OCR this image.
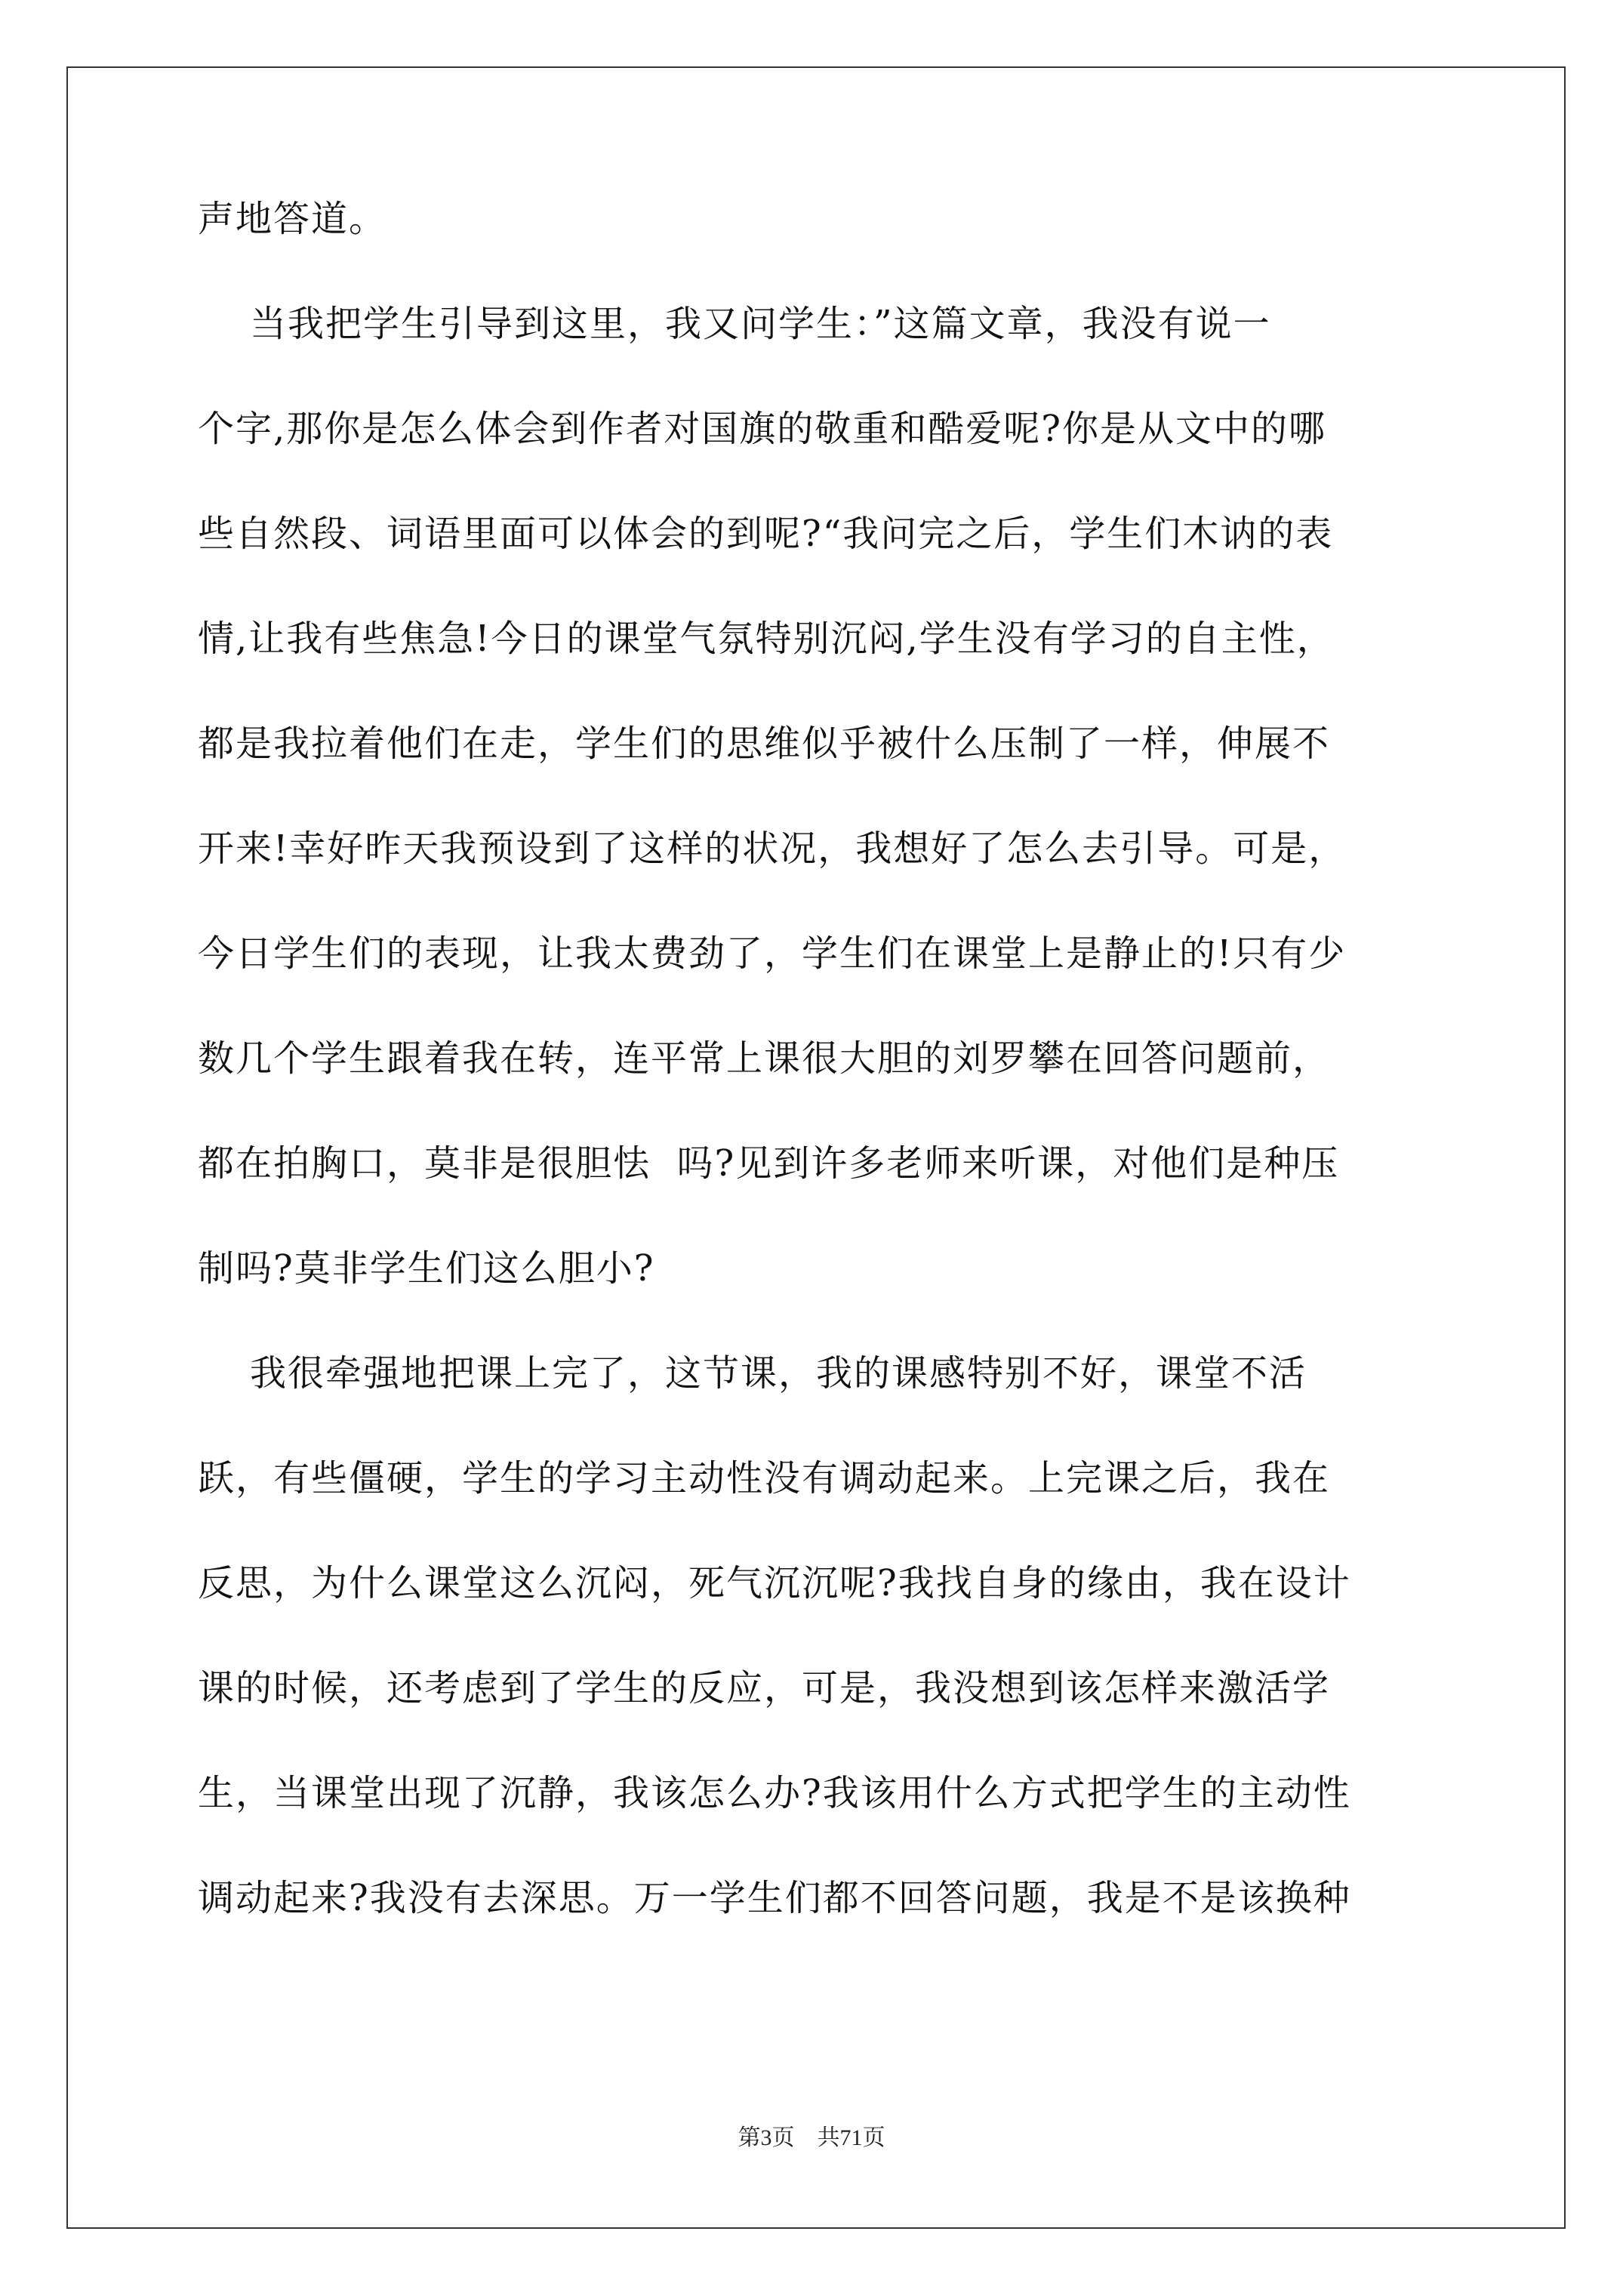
声地答道。
当我把学生引导到这里，我又问学生：”这篇文章，我没有说一
个字,那你是怎么体会到作者对国旗的敬重和酷爱呢?你是从文中的哪
些自然段、词语里面可以体会的到呢?“我问完之后，学生们木讷的表
情,让我有些焦急!今日的课堂气氛特别沉闷,学生没有学习的自主性，
都是我拉着他们在走，学生们的思维似乎被什么压制了一样，伸展不
开来!幸好昨天我预设到了这样的状况，我想好了怎么去引导。可是，
今日学生们的表现，让我太费劲了，学生们在课堂上是静止的!只有少
数几个学生跟着我在转，连平常上课很大胆的刘罗攀在回答问题前，
都在拍胸口，莫非是很胆怯  吗?见到许多老师来听课，对他们是种压
制吗?莫非学生们这么胆小?
我很牵强地把课上完了，这节课，我的课感特别不好，课堂不活
跃，有些僵硬，学生的学习主动性没有调动起来。上完课之后，我在
反思，为什么课堂这么沉闷，死气沉沉呢?我找自身的缘由，我在设计
课的时候，还考虑到了学生的反应，可是，我没想到该怎样来激活学
生，当课堂出现了沉静，我该怎么办?我该用什么方式把学生的主动性
调动起来?我没有去深思。万一学生们都不回答问题，我是不是该换种
第3页 共71页
